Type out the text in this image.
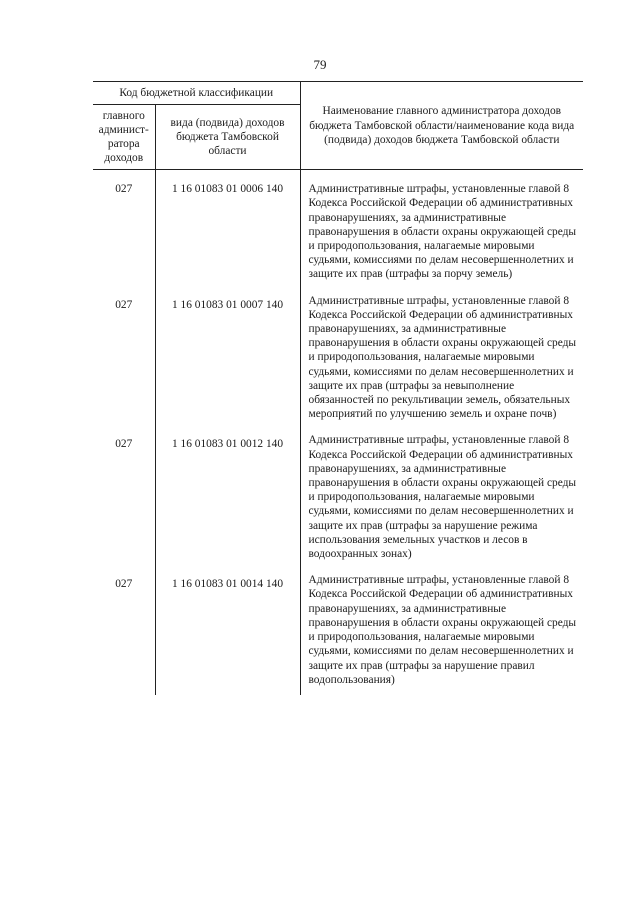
79
Код бюджетной классификации		Наименование главного администратора доходов бюджета Тамбовской области/наименование кода вида (подвида) доходов бюджета Тамбовской области
главного админист-ратора доходов	вида (подвида) доходов бюджета Тамбовской области	
027	1 16 01083 01 0006 140	Административные штрафы, установленные главой 8 Кодекса Российской Федерации об административных правонарушениях, за административные правонарушения в области охраны окружающей среды и природопользования, налагаемые мировыми судьями, комиссиями по делам несовершеннолетних и защите их прав (штрафы за порчу земель)
027	1 16 01083 01 0007 140	Административные штрафы, установленные главой 8 Кодекса Российской Федерации об административных правонарушениях, за административные правонарушения в области охраны окружающей среды и природопользования, налагаемые мировыми судьями, комиссиями по делам несовершеннолетних и защите их прав (штрафы за невыполнение обязанностей по рекультивации земель, обязательных мероприятий по улучшению земель и охране почв)
027	1 16 01083 01 0012 140	Административные штрафы, установленные главой 8 Кодекса Российской Федерации об административных правонарушениях, за административные правонарушения в области охраны окружающей среды и природопользования, налагаемые мировыми судьями, комиссиями по делам несовершеннолетних и защите их прав (штрафы за нарушение режима использования земельных участков и лесов в водоохранных зонах)
027	1 16 01083 01 0014 140	Административные штрафы, установленные главой 8 Кодекса Российской Федерации об административных правонарушениях, за административные правонарушения в области охраны окружающей среды и природопользования, налагаемые мировыми судьями, комиссиями по делам несовершеннолетних и защите их прав (штрафы за нарушение правил водопользования)
